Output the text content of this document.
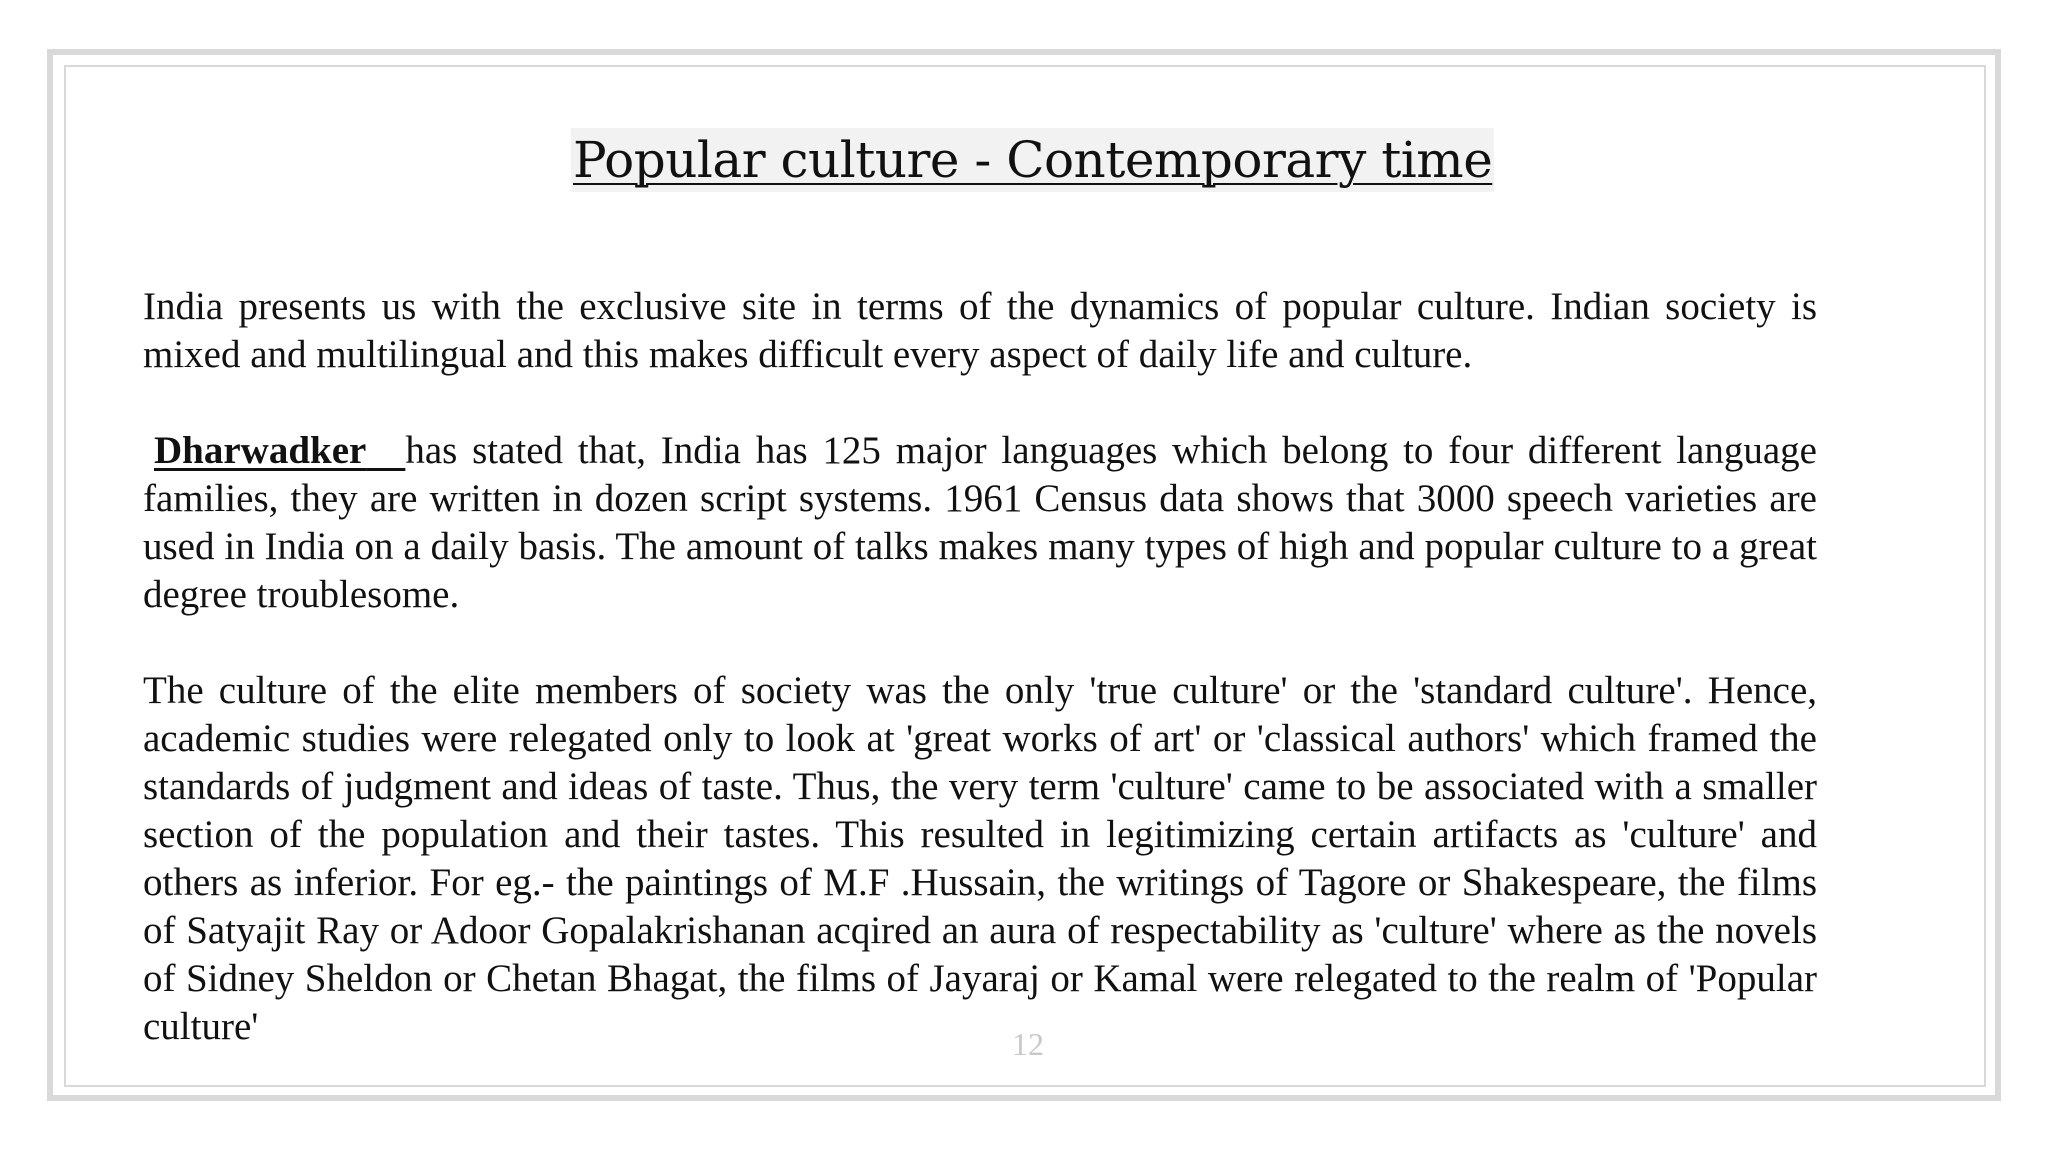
Popular culture - Contemporary time

India presents us with the exclusive site in terms of the dynamics of popular culture. Indian society is mixed and multilingual and this makes difficult every aspect of daily life and culture.

Dharwadker  has stated that, India has 125 major languages which belong to four different language families, they are written in dozen script systems. 1961 Census data shows that 3000 speech varieties are used in India on a daily basis. The amount of talks makes many types of high and popular culture to a great degree troublesome.

The culture of the elite members of society was the only 'true culture' or the 'standard culture'. Hence, academic studies were relegated only to look at 'great works of art' or 'classical authors' which framed the standards of judgment and ideas of taste. Thus, the very term 'culture' came to be associated with a smaller section of the population and their tastes. This resulted in legitimizing certain artifacts as 'culture' and others as inferior. For eg.- the paintings of M.F .Hussain, the writings of Tagore or Shakespeare, the films of Satyajit Ray or Adoor Gopalakrishanan acqired an aura of respectability as 'culture' where as the novels of Sidney Sheldon or Chetan Bhagat, the films of Jayaraj or Kamal were relegated to the realm of 'Popular culture'	12
